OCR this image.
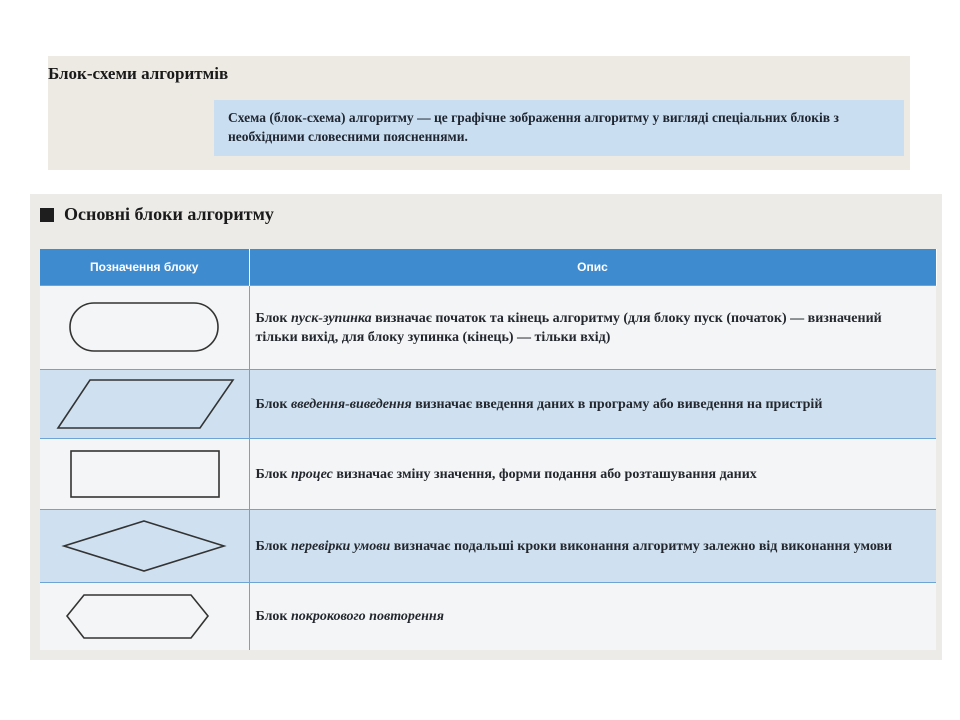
Блок-схеми алгоритмів
Схема (блок-схема) алгоритму — це графічне зображення алгоритму у вигляді спеціальних блоків з необхідними словесними поясненнями.
Основні блоки алгоритму
Позначення блоку	Опис

	Блок пуск-зупинка визначає початок та кінець алгоритму (для блоку пуск (початок) — визначений тільки вихід, для блоку зупинка (кінець) — тільки вхід)

	Блок введення-виведення визначає введення даних в програму або виведення на пристрій

	Блок процес визначає зміну значення, форми подання або розташування даних

	Блок перевірки умови визначає подальші кроки виконання алгоритму залежно від виконання умови

	Блок покрокового повторення
